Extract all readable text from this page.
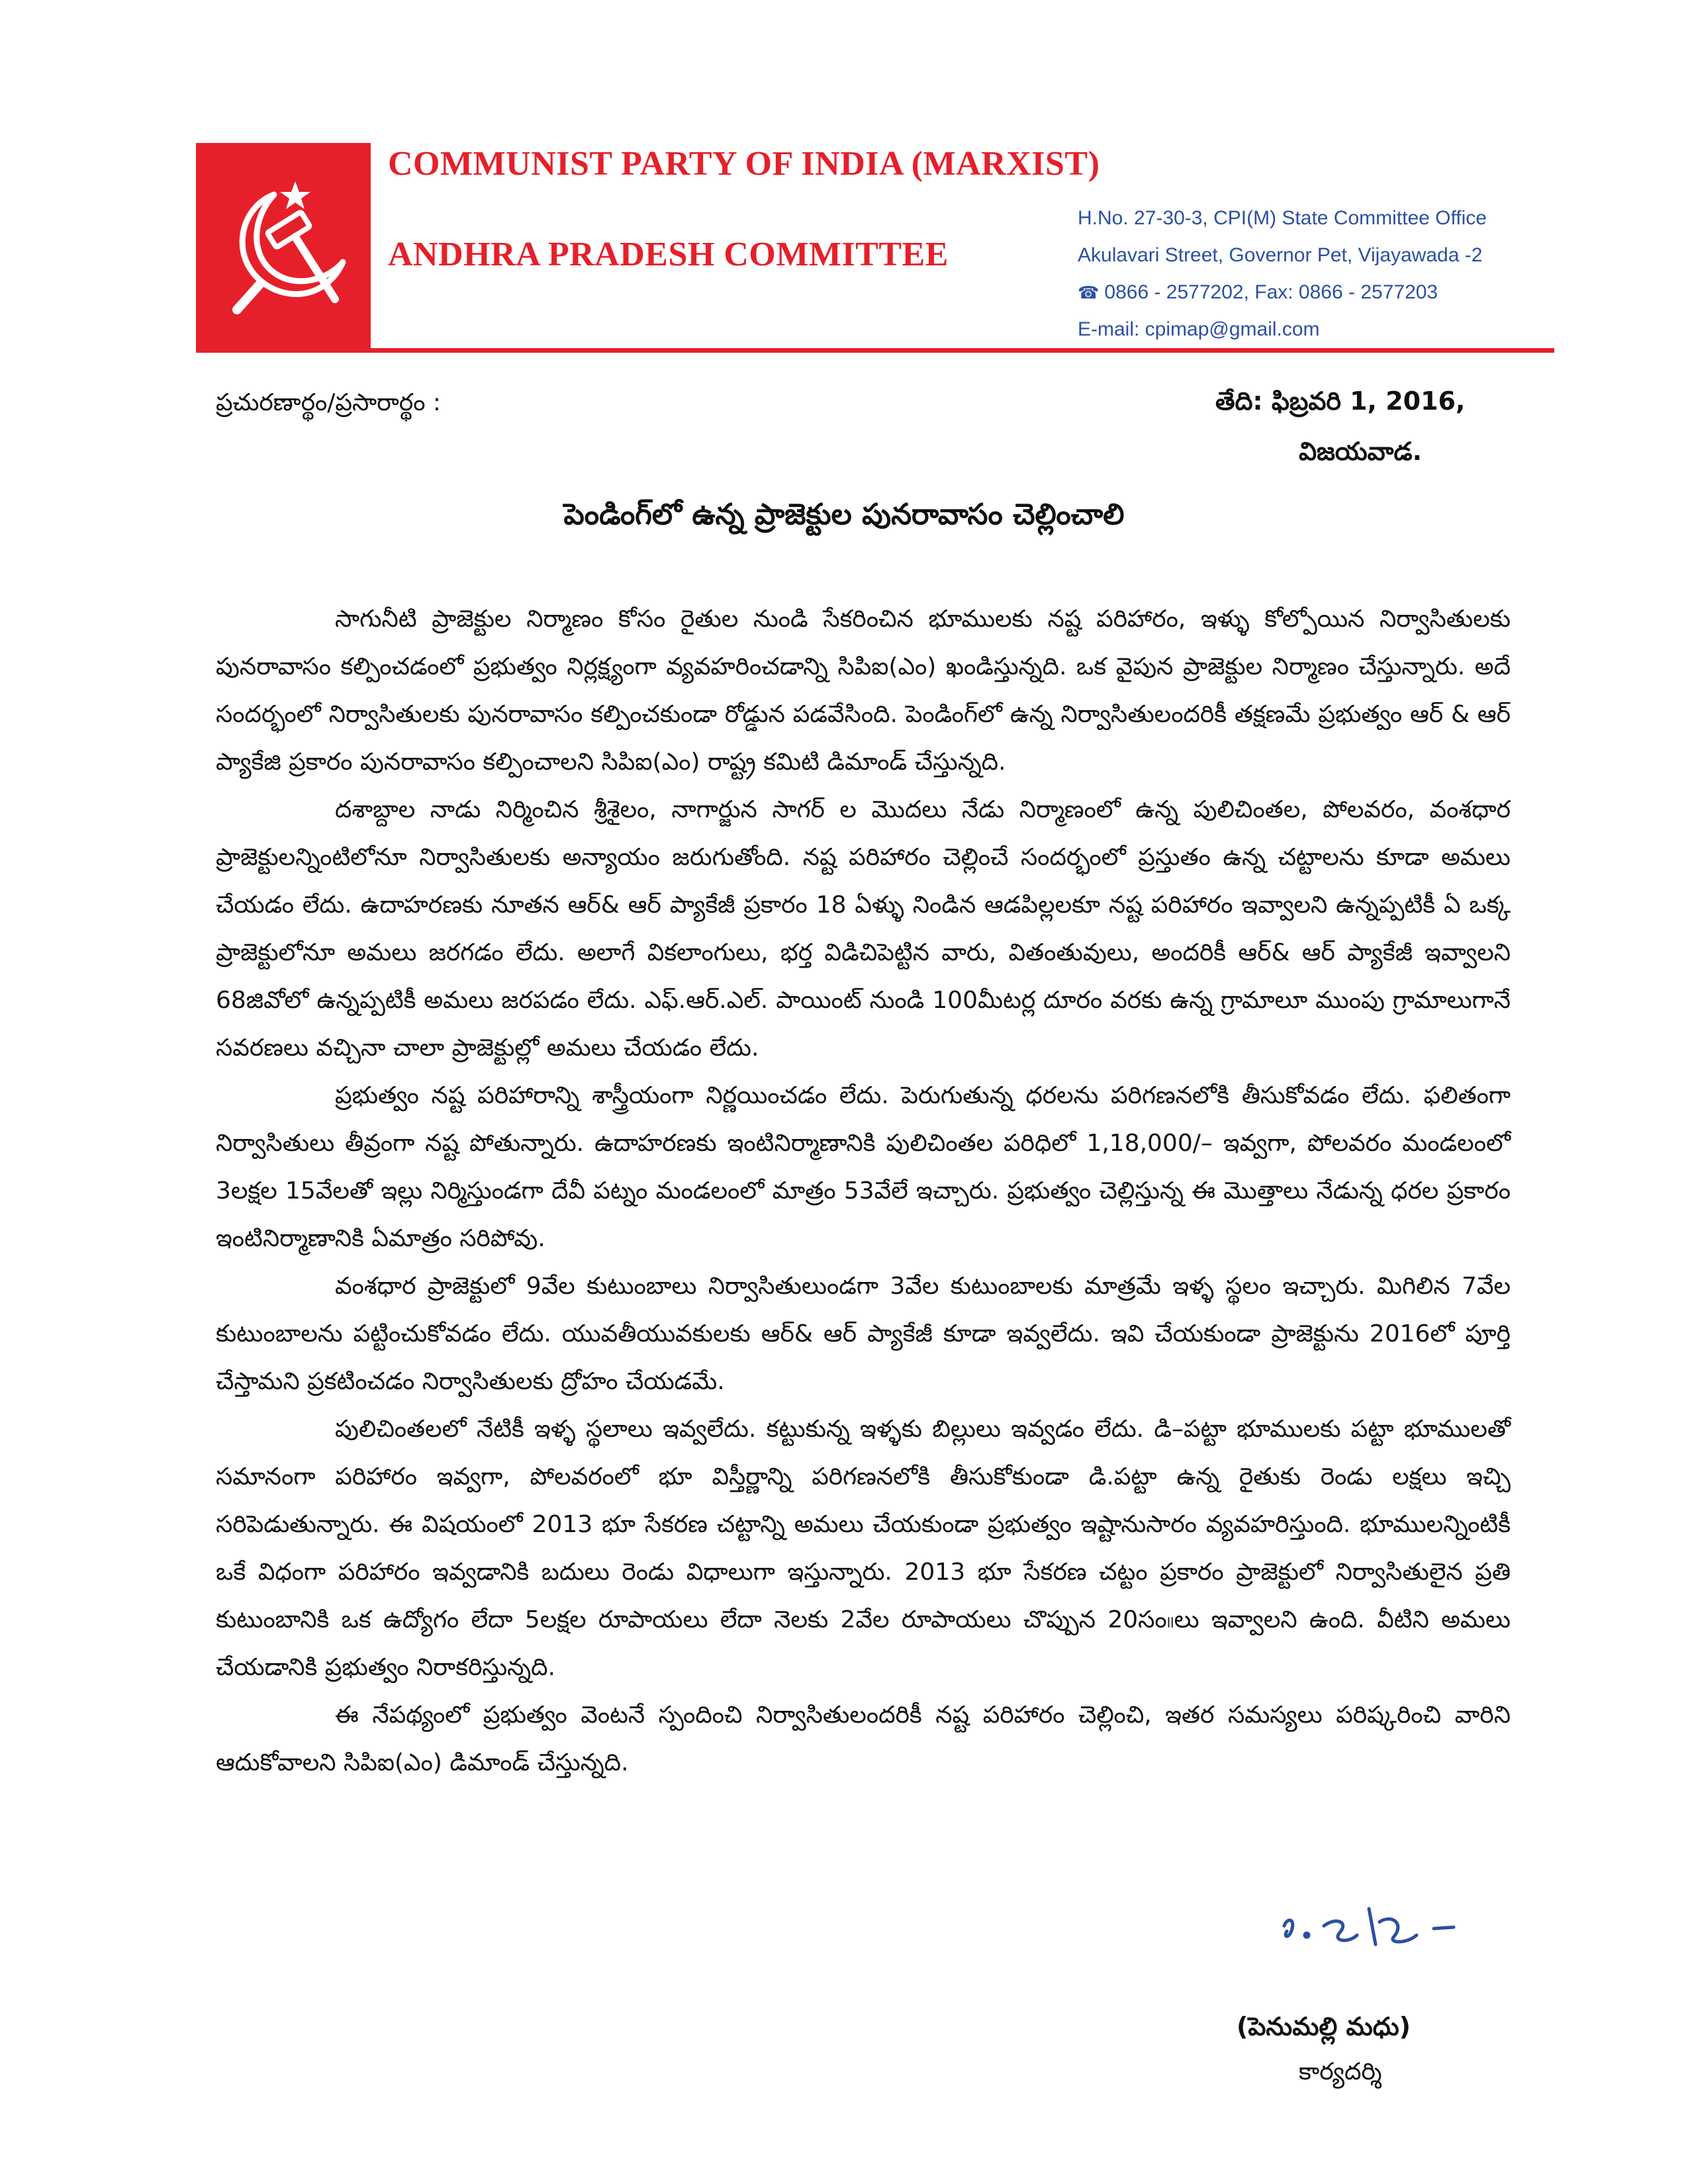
COMMUNIST PARTY OF INDIA (MARXIST)
ANDHRA PRADESH COMMITTEE
H.No. 27-30-3, CPI(M) State Committee Office
Akulavari Street, Governor Pet, Vijayawada -2
☎ 0866 - 2577202, Fax: 0866 - 2577203
E-mail: cpimap@gmail.com
ప్రచురణార్థం/ప్రసారార్థం :	తేది: ఫిబ్రవరి 1, 2016,
విజయవాడ.
పెండింగ్‌లో ఉన్న ప్రాజెక్టుల పునరావాసం చెల్లించాలి

సాగునీటి ప్రాజెక్టుల నిర్మాణం కోసం రైతుల నుండి సేకరించిన భూములకు నష్ట పరిహారం, ఇళ్ళు కోల్పోయిన నిర్వాసితులకు పునరావాసం కల్పించడంలో ప్రభుత్వం నిర్లక్ష్యంగా వ్యవహరించడాన్ని సిపిఐ(ఎం) ఖండిస్తున్నది. ఒక వైపున ప్రాజెక్టుల నిర్మాణం చేస్తున్నారు. అదే సందర్భంలో నిర్వాసితులకు పునరావాసం కల్పించకుండా రోడ్డున పడవేసింది. పెండింగ్‌లో ఉన్న నిర్వాసితులందరికీ తక్షణమే ప్రభుత్వం ఆర్ & ఆర్ ప్యాకేజి ప్రకారం పునరావాసం కల్పించాలని సిపిఐ(ఎం) రాష్ట్ర కమిటి డిమాండ్ చేస్తున్నది.

దశాబ్దాల నాడు నిర్మించిన శ్రీశైలం, నాగార్జున సాగర్ ల మొదలు నేడు నిర్మాణంలో ఉన్న పులిచింతల, పోలవరం, వంశధార ప్రాజెక్టులన్నింటిలోనూ నిర్వాసితులకు అన్యాయం జరుగుతోంది. నష్ట పరిహారం చెల్లించే సందర్భంలో ప్రస్తుతం ఉన్న చట్టాలను కూడా అమలు చేయడం లేదు. ఉదాహరణకు నూతన ఆర్& ఆర్ ప్యాకేజీ ప్రకారం 18 ఏళ్ళు నిండిన ఆడపిల్లలకూ నష్ట పరిహారం ఇవ్వాలని ఉన్నప్పటికీ ఏ ఒక్క ప్రాజెక్టులోనూ అమలు జరగడం లేదు. అలాగే వికలాంగులు, భర్త విడిచిపెట్టిన వారు, వితంతువులు, అందరికీ ఆర్& ఆర్ ప్యాకేజీ ఇవ్వాలని 68జివోలో ఉన్నప్పటికీ అమలు జరపడం లేదు. ఎఫ్.ఆర్.ఎల్. పాయింట్ నుండి 100మీటర్ల దూరం వరకు ఉన్న గ్రామాలూ ముంపు గ్రామాలుగానే సవరణలు వచ్చినా చాలా ప్రాజెక్టుల్లో అమలు చేయడం లేదు.

ప్రభుత్వం నష్ట పరిహారాన్ని శాస్త్రీయంగా నిర్ణయించడం లేదు. పెరుగుతున్న ధరలను పరిగణనలోకి తీసుకోవడం లేదు. ఫలితంగా నిర్వాసితులు తీవ్రంగా నష్ట పోతున్నారు. ఉదాహరణకు ఇంటినిర్మాణానికి పులిచింతల పరిధిలో 1,18,000/– ఇవ్వగా, పోలవరం మండలంలో 3లక్షల 15వేలతో ఇల్లు నిర్మిస్తుండగా దేవీ పట్నం మండలంలో మాత్రం 53వేలే ఇచ్చారు. ప్రభుత్వం చెల్లిస్తున్న ఈ మొత్తాలు నేడున్న ధరల ప్రకారం ఇంటినిర్మాణానికి ఏమాత్రం సరిపోవు.

వంశధార ప్రాజెక్టులో 9వేల కుటుంబాలు నిర్వాసితులుండగా 3వేల కుటుంబాలకు మాత్రమే ఇళ్ళ స్థలం ఇచ్చారు. మిగిలిన 7వేల కుటుంబాలను పట్టించుకోవడం లేదు. యువతీయువకులకు ఆర్& ఆర్ ప్యాకేజీ కూడా ఇవ్వలేదు. ఇవి చేయకుండా ప్రాజెక్టును 2016లో పూర్తి చేస్తామని ప్రకటించడం నిర్వాసితులకు ద్రోహం చేయడమే.

పులిచింతలలో నేటికీ ఇళ్ళ స్థలాలు ఇవ్వలేదు. కట్టుకున్న ఇళ్ళకు బిల్లులు ఇవ్వడం లేదు. డి–పట్టా భూములకు పట్టా భూములతో సమానంగా పరిహారం ఇవ్వగా, పోలవరంలో భూ విస్తీర్ణాన్ని పరిగణనలోకి తీసుకోకుండా డి.పట్టా ఉన్న రైతుకు రెండు లక్షలు ఇచ్చి సరిపెడుతున్నారు. ఈ విషయంలో 2013 భూ సేకరణ చట్టాన్ని అమలు చేయకుండా ప్రభుత్వం ఇష్టానుసారం వ్యవహరిస్తుంది. భూములన్నింటికీ ఒకే విధంగా పరిహారం ఇవ్వడానికి బదులు రెండు విధాలుగా ఇస్తున్నారు. 2013 భూ సేకరణ చట్టం ప్రకారం ప్రాజెక్టులో నిర్వాసితులైన ప్రతి కుటుంబానికి ఒక ఉద్యోగం లేదా 5లక్షల రూపాయలు లేదా నెలకు 2వేల రూపాయలు చొప్పున 20సం။లు ఇవ్వాలని ఉంది. వీటిని అమలు చేయడానికి ప్రభుత్వం నిరాకరిస్తున్నది.

ఈ నేపథ్యంలో ప్రభుత్వం వెంటనే స్పందించి నిర్వాసితులందరికీ నష్ట పరిహారం చెల్లించి, ఇతర సమస్యలు పరిష్కరించి వారిని ఆదుకోవాలని సిపిఐ(ఎం) డిమాండ్ చేస్తున్నది.

(పెనుమల్లి మధు)
కార్యదర్శి
